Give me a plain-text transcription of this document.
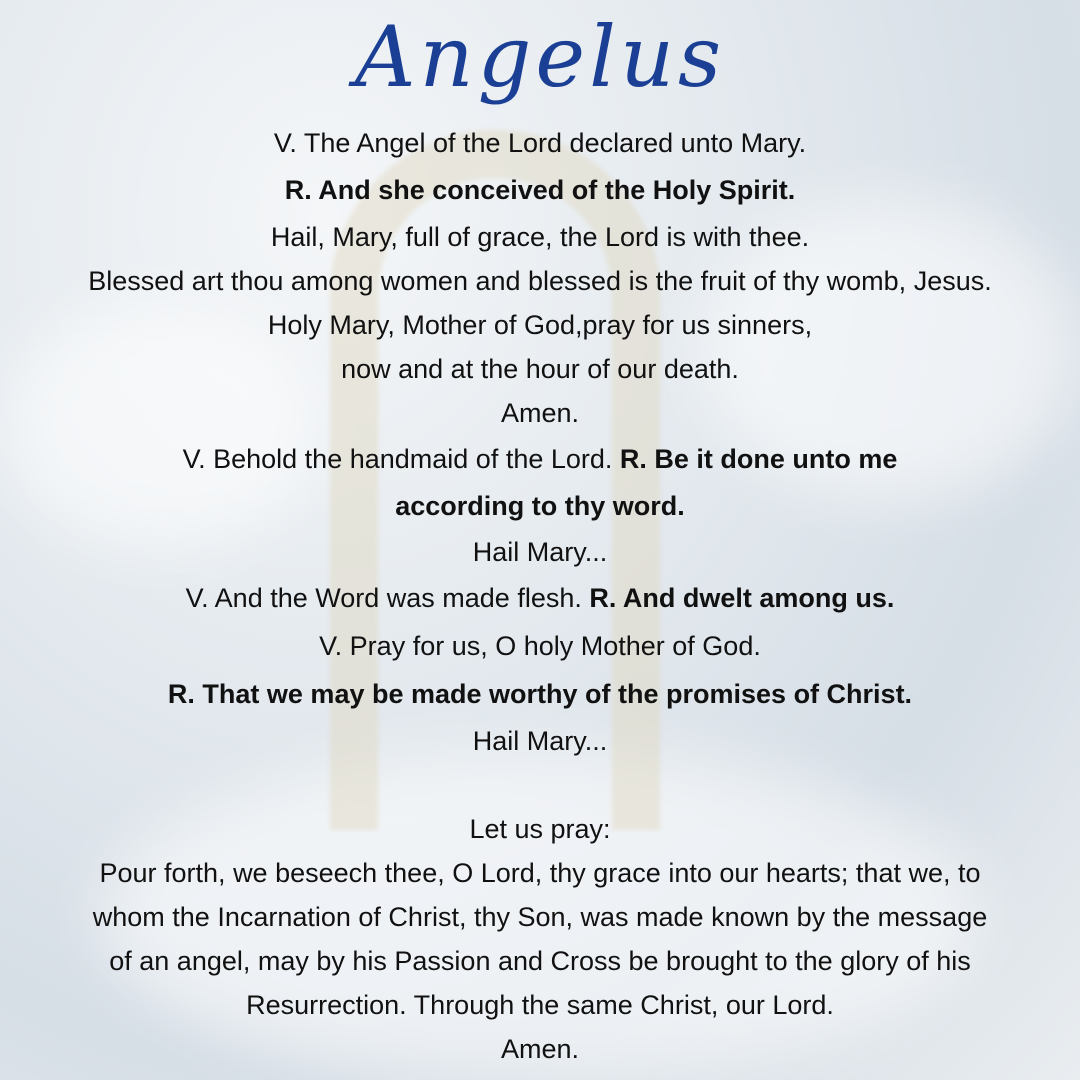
Angelus
V. The Angel of the Lord declared unto Mary.
R. And she conceived of the Holy Spirit.
Hail, Mary, full of grace, the Lord is with thee.
Blessed art thou among women and blessed is the fruit of thy womb, Jesus.
Holy Mary, Mother of God,pray for us sinners,
now and at the hour of our death.
Amen.
V. Behold the handmaid of the Lord. R. Be it done unto me
according to thy word.
Hail Mary...
V. And the Word was made flesh. R. And dwelt among us.
V. Pray for us, O holy Mother of God.
R. That we may be made worthy of the promises of Christ.
Hail Mary...
Let us pray:
Pour forth, we beseech thee, O Lord, thy grace into our hearts; that we, to
whom the Incarnation of Christ, thy Son, was made known by the message
of an angel, may by his Passion and Cross be brought to the glory of his
Resurrection. Through the same Christ, our Lord.
Amen.
